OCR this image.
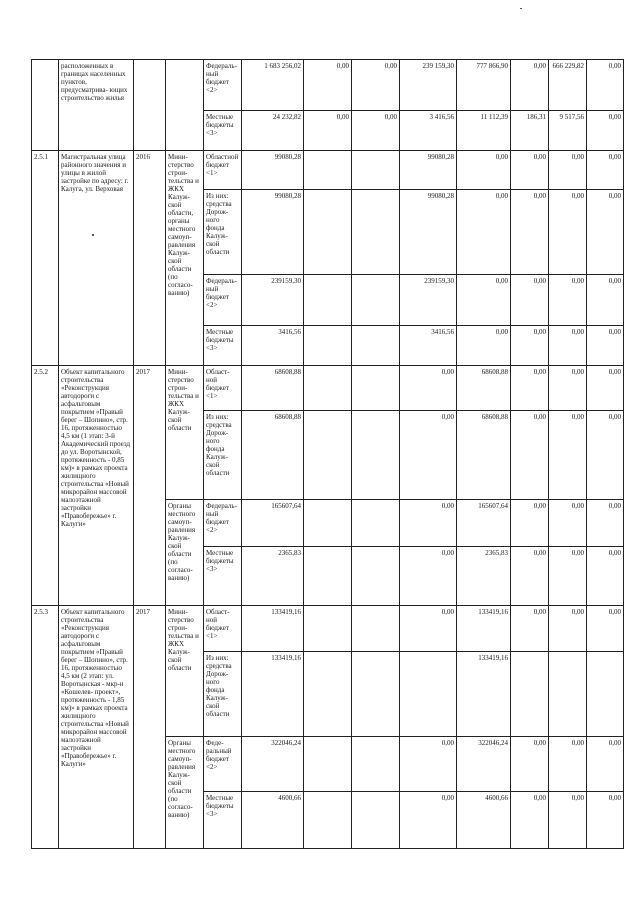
	расположенных в границах населенных пунктов, предусматрива- ющих строительство жилья			Федераль- ный бюджет <2>	1 683 256,02	0,00	0,00	239 159,30	777 866,90	0,00	666 229,82	0,00
				Местные бюджеты <3>	24 232,82	0,00	0,00	3 416,56	11 112,39	186,31	9 517,56	0,00
2.5.1	Магистральная улица районного значения и улицы в жилой застройке по адресу: г. Калуга, ул. Верховая	2016	Мини- стерство строи- тельства и ЖКХ Калуж- ской области, органы местного самоуп- равления Калуж- ской области (по согласо- ванию)	Областной бюджет <1>	99080,28			99080,28	0,00	0,00	0,00	0,00
				Из них: средства Дорож- ного фонда Калуж- ской области	99080,28			99080,28	0,00	0,00	0,00	0,00
				Федераль- ный бюджет <2>	239159,30			239159,30	0,00	0,00	0,00	0,00
				Местные бюджеты <3>	3416,56			3416,56	0,00	0,00	0,00	0,00
2.5.2	Объект капитального строительства «Реконструкция автодороги с асфальтовым покрытием «Правый берег – Шопино», стр. 16, протяженностью 4,5 км (1 этап: 3-й Академический проезд до ул. Воротынской, протяженность - 0,85 км)» в рамках проекта жилищного строительства «Новый микрорайон массовой малоэтажной застройки «Правобережье» г. Калуги»	2017	Мини- стерство строи- тельства и ЖКХ Калуж- ской области	Област- ной бюджет <1>	68608,88			0,00	68608,88	0,00	0,00	0,00
				Из них: средства Дорож- ного фонда Калуж- ской области	68608,88			0,00	68608,88	0,00	0,00	0,00
			Органы местного самоуп- равления Калуж- ской области (по согласо- ванию)	Федераль- ный бюджет <2>	165607,64			0,00	165607,64	0,00	0,00	0,00
				Местные бюджеты <3>	2365,83			0,00	2365,83	0,00	0,00	0,00
2.5.3	Объект капитального строительства «Реконструкция автодороги с асфальтовым покрытием «Правый берег – Шопино», стр. 16, протяженностью 4,5 км (2 этап: ул. Воротынская - мкр-н «Кошелев- проект», протяженность - 1,85 км)» в рамках проекта жилищного строительства «Новый микрорайон массовой малоэтажной застройки «Правобережье» г. Калуги»	2017	Мини- стерство строи- тельства и ЖКХ Калуж- ской области	Област- ной бюджет <1>	133419,16			0,00	133419,16	0,00	0,00	0,00
				Из них: средства Дорож- ного фонда Калуж- ской области	133419,16				133419,16			
			Органы местного самоуп- равления Калуж- ской области (по согласо- ванию)	Феде- ральный бюджет <2>	322046,24			0,00	322046,24	0,00	0,00	0,00
				Местные бюджеты <3>	4600,66			0,00	4600,66	0,00	0,00	0,00
